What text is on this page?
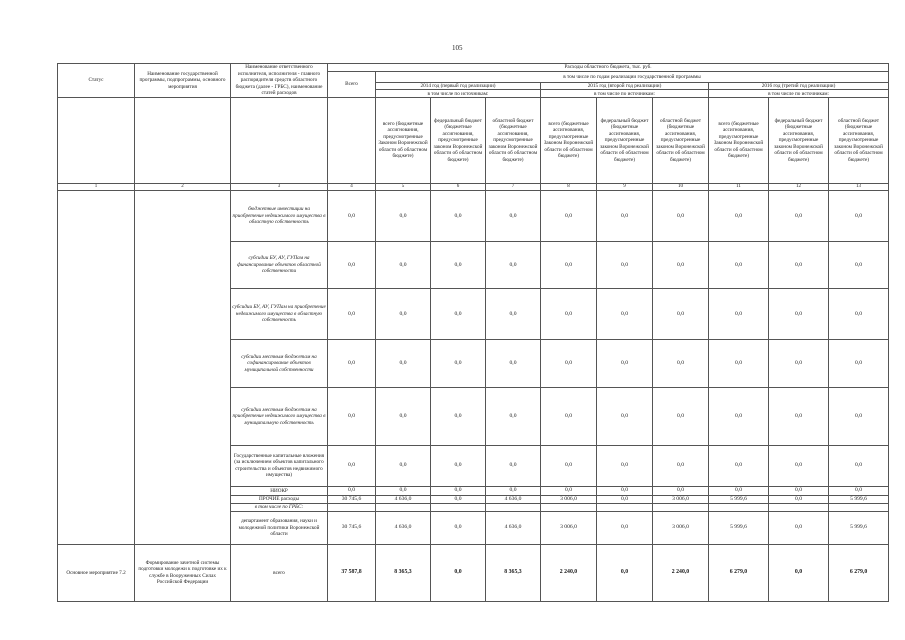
105
Статус	Наименование государственной программы, подпрограммы, основного мероприятия	Наименование ответственного исполнителя, исполнителя - главного распорядителя средств областного бюджета (далее - ГРБС), наименование статей расходов	Расходы областного бюджета, тыс. руб.									
			Всего	в том числе по годам реализации государственной программы								
				2014 год (первый год реализации)			2015 год (второй год реализации)			2016 год (третий год реализации)		
				в том числе по источникам:			в том числе по источникам:			в том числе по источникам:		
				всего (бюджетные ассигнования, предусмотренные Законом Воронежской области об областном бюджете)	федеральный бюджет (бюджетные ассигнования, предусмотренные законом Воронежской области об областном бюджете)	областной бюджет (бюджетные ассигнования, предусмотренные законом Воронежской области об областном бюджете)	всего (бюджетные ассигнования, предусмотренные Законом Воронежской области об областном бюджете)	федеральный бюджет (бюджетные ассигнования, предусмотренные законом Воронежской области об областном бюджете)	областной бюджет (бюджетные ассигнования, предусмотренные законом Воронежской области об областном бюджете)	всего (бюджетные ассигнования, предусмотренные Законом Воронежской области об областном бюджете)	федеральный бюджет (бюджетные ассигнования, предусмотренные законом Воронежской области об областном бюджете)	областной бюджет (бюджетные ассигнования, предусмотренные законом Воронежской области об областном бюджете)
1	2	3	4	5	6	7	8	9	10	11	12	13
		бюджетные инвестиции на приобретение недвижимого имущества в областную собственность	0,0	0,0	0,0	0,0	0,0	0,0	0,0	0,0	0,0	0,0
		субсидии БУ, АУ, ГУПам на финансирование объектов областной собственности	0,0	0,0	0,0	0,0	0,0	0,0	0,0	0,0	0,0	0,0
		субсидии БУ, АУ, ГУПам на приобретение недвижимого имущества в областную собственность	0,0	0,0	0,0	0,0	0,0	0,0	0,0	0,0	0,0	0,0
		субсидии местным бюджетам на софинансирование объектов муниципальной собственности	0,0	0,0	0,0	0,0	0,0	0,0	0,0	0,0	0,0	0,0
		субсидии местным бюджетам на приобретение недвижимого имущества в муниципальную собственность	0,0	0,0	0,0	0,0	0,0	0,0	0,0	0,0	0,0	0,0
		Государственные капитальные вложения (за исключением объектов капитального строительства и объектов недвижимого имущества)	0,0	0,0	0,0	0,0	0,0	0,0	0,0	0,0	0,0	0,0
		НИОКР	0,0	0,0	0,0	0,0	0,0	0,0	0,0	0,0	0,0	0,0
		ПРОЧИЕ расходы	30 745,6	4 636,0	0,0	4 636,0	3 006,0	0,0	3 006,0	5 999,6	0,0	5 999,6
		в том числе по ГРБС:										
		департамент образования, науки и молодежной политики Воронежской области	30 745,6	4 636,0	0,0	4 636,0	3 006,0	0,0	3 006,0	5 999,6	0,0	5 999,6
Основное мероприятие 7.2	Формирование зачетной системы подготовки молодежи к подготовке их к службе в Вооруженных Силах Российской Федерации	всего	37 587,8	8 365,3	0,0	8 365,3	2 240,0	0,0	2 240,0	6 279,0	0,0	6 279,0
